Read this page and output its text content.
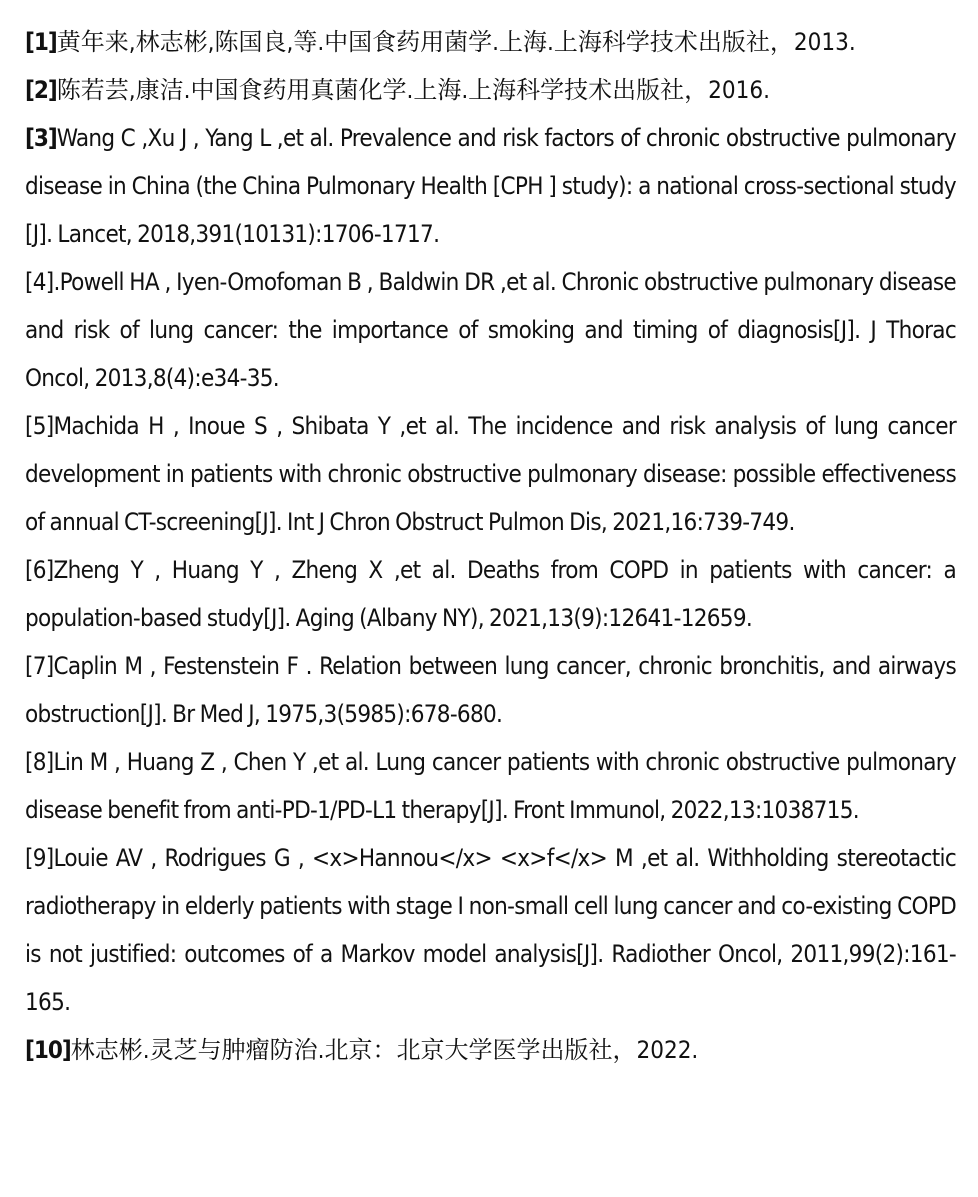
[1]黄年来,林志彬,陈国良,等.中国食药用菌学.上海.上海科学技术出版社，2013.

[2]陈若芸,康洁.中国食药用真菌化学.上海.上海科学技术出版社，2016.

[3]Wang C ,Xu J , Yang L ,et al. Prevalence and risk factors of chronic obstructive pulmonary disease in China (the China Pulmonary Health [CPH ] study): a national cross-sectional study [J]. Lancet, 2018,391(10131):1706-1717.

[4].Powell HA , Iyen-Omofoman B , Baldwin DR ,et al. Chronic obstructive pulmonary disease and risk of lung cancer: the importance of smoking and timing of diagnosis[J]. J Thorac Oncol, 2013,8(4):e34-35.

[5]Machida H , Inoue S , Shibata Y ,et al. The incidence and risk analysis of lung cancer development in patients with chronic obstructive pulmonary disease: possible effectiveness of annual CT-screening[J]. Int J Chron Obstruct Pulmon Dis, 2021,16:739-749.

[6]Zheng Y , Huang Y , Zheng X ,et al. Deaths from COPD in patients with cancer: a population-based study[J]. Aging (Albany NY), 2021,13(9):12641-12659.

[7]Caplin M , Festenstein F . Relation between lung cancer, chronic bronchitis, and airways obstruction[J]. Br Med J, 1975,3(5985):678-680.

[8]Lin M , Huang Z , Chen Y ,et al. Lung cancer patients with chronic obstructive pulmonary disease benefit from anti-PD-1/PD-L1 therapy[J]. Front Immunol, 2022,13:1038715.

[9]Louie AV , Rodrigues G , <x>Hannou</x> <x>f</x> M ,et al. Withholding stereotactic radiotherapy in elderly patients with stage I non-small cell lung cancer and co-existing COPD is not justified: outcomes of a Markov model analysis[J]. Radiother Oncol, 2011,99(2):161-165.

[10]林志彬.灵芝与肿瘤防治.北京：北京大学医学出版社，2022.
